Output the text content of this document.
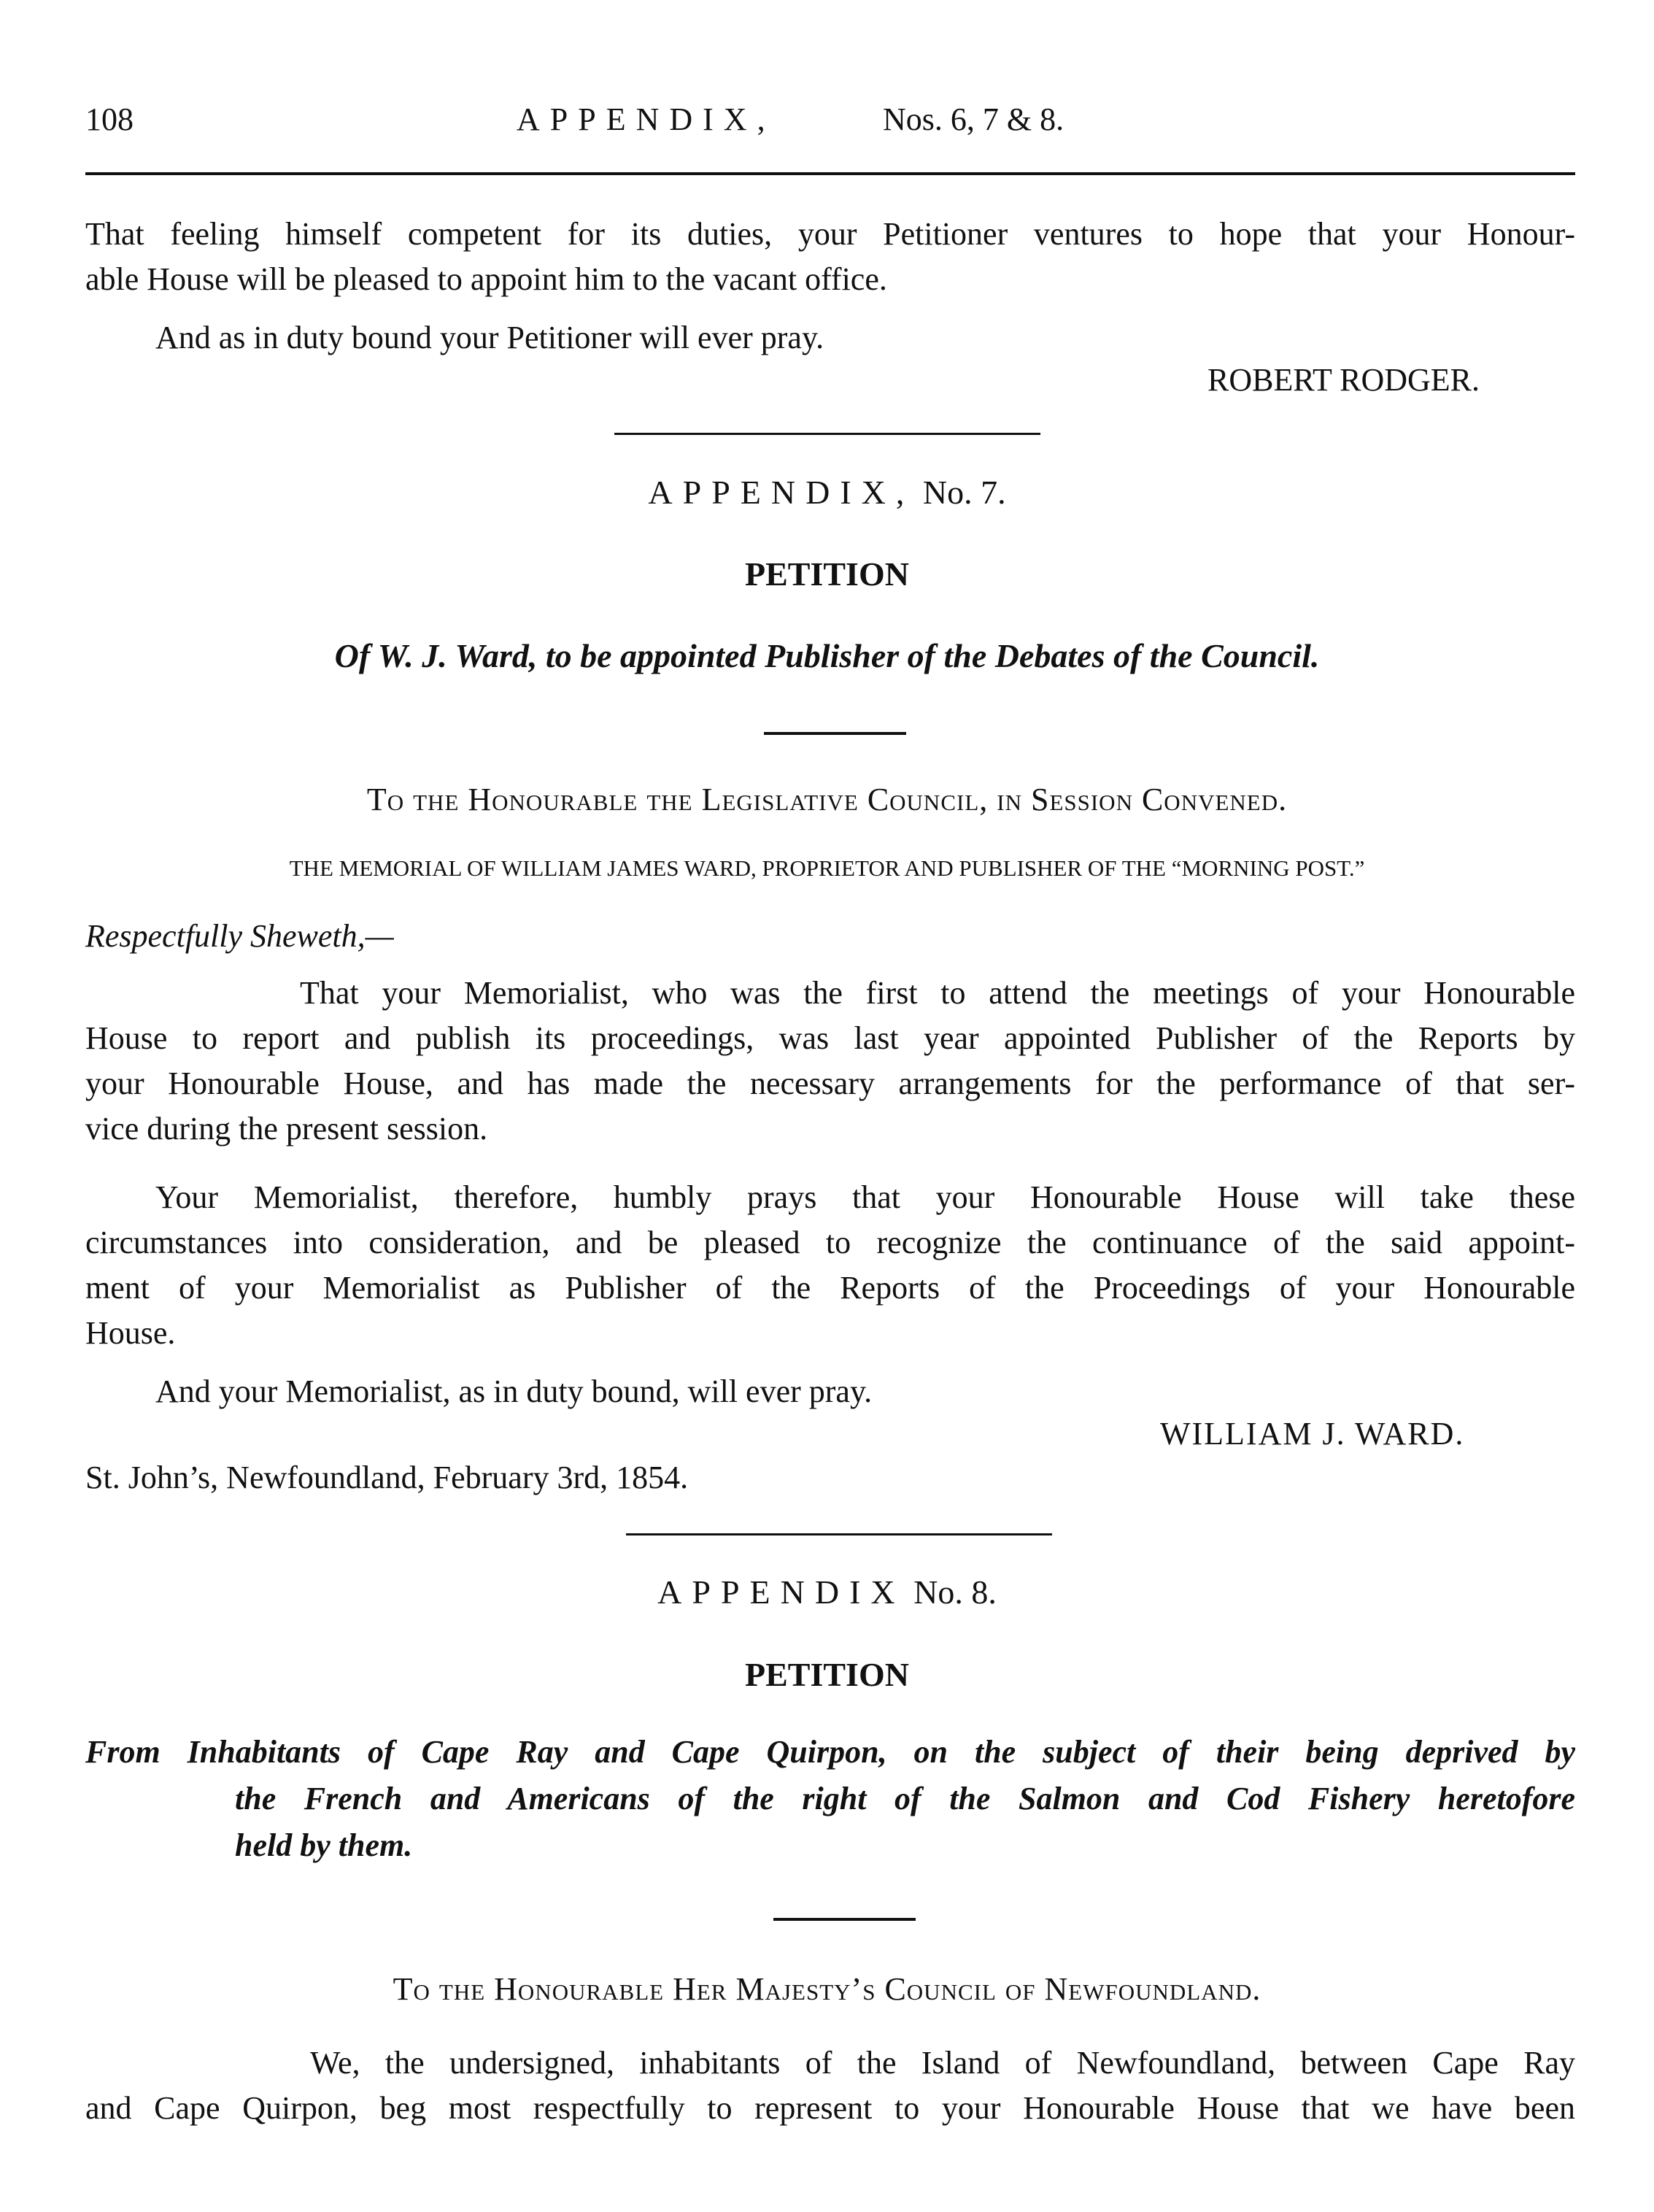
108	APPENDIX,	Nos. 6, 7 & 8.
That feeling himself competent for its duties, your Petitioner ventures to hope that your Honour-
able House will be pleased to appoint him to the vacant office.
And as in duty bound your Petitioner will ever pray.
ROBERT RODGER.
APPENDIX, No. 7.
PETITION
Of W. J. Ward, to be appointed Publisher of the Debates of the Council.
To the Honourable the Legislative Council, in Session Convened.
THE MEMORIAL OF WILLIAM JAMES WARD, PROPRIETOR AND PUBLISHER OF THE “MORNING POST.”
Respectfully Sheweth,—
That your Memorialist, who was the first to attend the meetings of your Honourable
House to report and publish its proceedings, was last year appointed Publisher of the Reports by
your Honourable House, and has made the necessary arrangements for the performance of that ser-
vice during the present session.
Your Memorialist, therefore, humbly prays that your Honourable House will take these
circumstances into consideration, and be pleased to recognize the continuance of the said appoint-
ment of your Memorialist as Publisher of the Reports of the Proceedings of your Honourable
House.
And your Memorialist, as in duty bound, will ever pray.
WILLIAM J. WARD.
St. John’s, Newfoundland, February 3rd, 1854.
APPENDIX No. 8.
PETITION
From Inhabitants of Cape Ray and Cape Quirpon, on the subject of their being deprived by
the French and Americans of the right of the Salmon and Cod Fishery heretofore
held by them.
To the Honourable Her Majesty’s Council of Newfoundland.
We, the undersigned, inhabitants of the Island of Newfoundland, between Cape Ray
and Cape Quirpon, beg most respectfully to represent to your Honourable House that we have been
